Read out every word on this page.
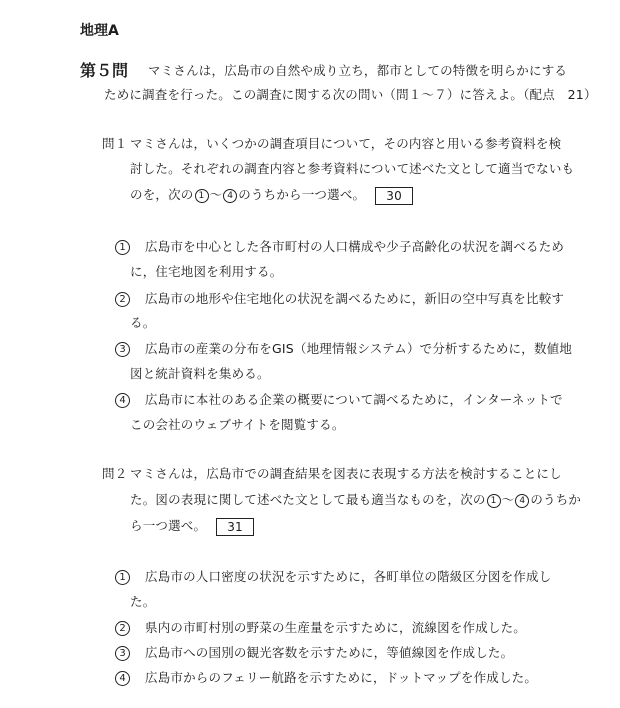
地理A
第５問 マミさんは，広島市の自然や成り立ち，都市としての特徴を明らかにする
ために調査を行った。この調査に関する次の問い（問１～７）に答えよ。（配点　21）
問１ マミさんは，いくつかの調査項目について，その内容と用いる参考資料を検
討した。それぞれの調査内容と参考資料について述べた文として適当でないも
のを，次の 1 ～ 4 のうちから一つ選べ。 30
1	広島市を中心とした各市町村の人口構成や少子高齢化の状況を調べるため
に，住宅地図を利用する。
2	広島市の地形や住宅地化の状況を調べるために，新旧の空中写真を比較す
る。
3	広島市の産業の分布をGIS（地理情報システム）で分析するために，数値地
図と統計資料を集める。
4	広島市に本社のある企業の概要について調べるために，インターネットで
この会社のウェブサイトを閲覧する。
問２ マミさんは，広島市での調査結果を図表に表現する方法を検討することにし
た。図の表現に関して述べた文として最も適当なものを，次の 1 ～ 4 のうちか
ら一つ選べ。 31
1	広島市の人口密度の状況を示すために，各町単位の階級区分図を作成し
た。
2	県内の市町村別の野菜の生産量を示すために，流線図を作成した。
3	広島市への国別の観光客数を示すために，等値線図を作成した。
4	広島市からのフェリー航路を示すために，ドットマップを作成した。
